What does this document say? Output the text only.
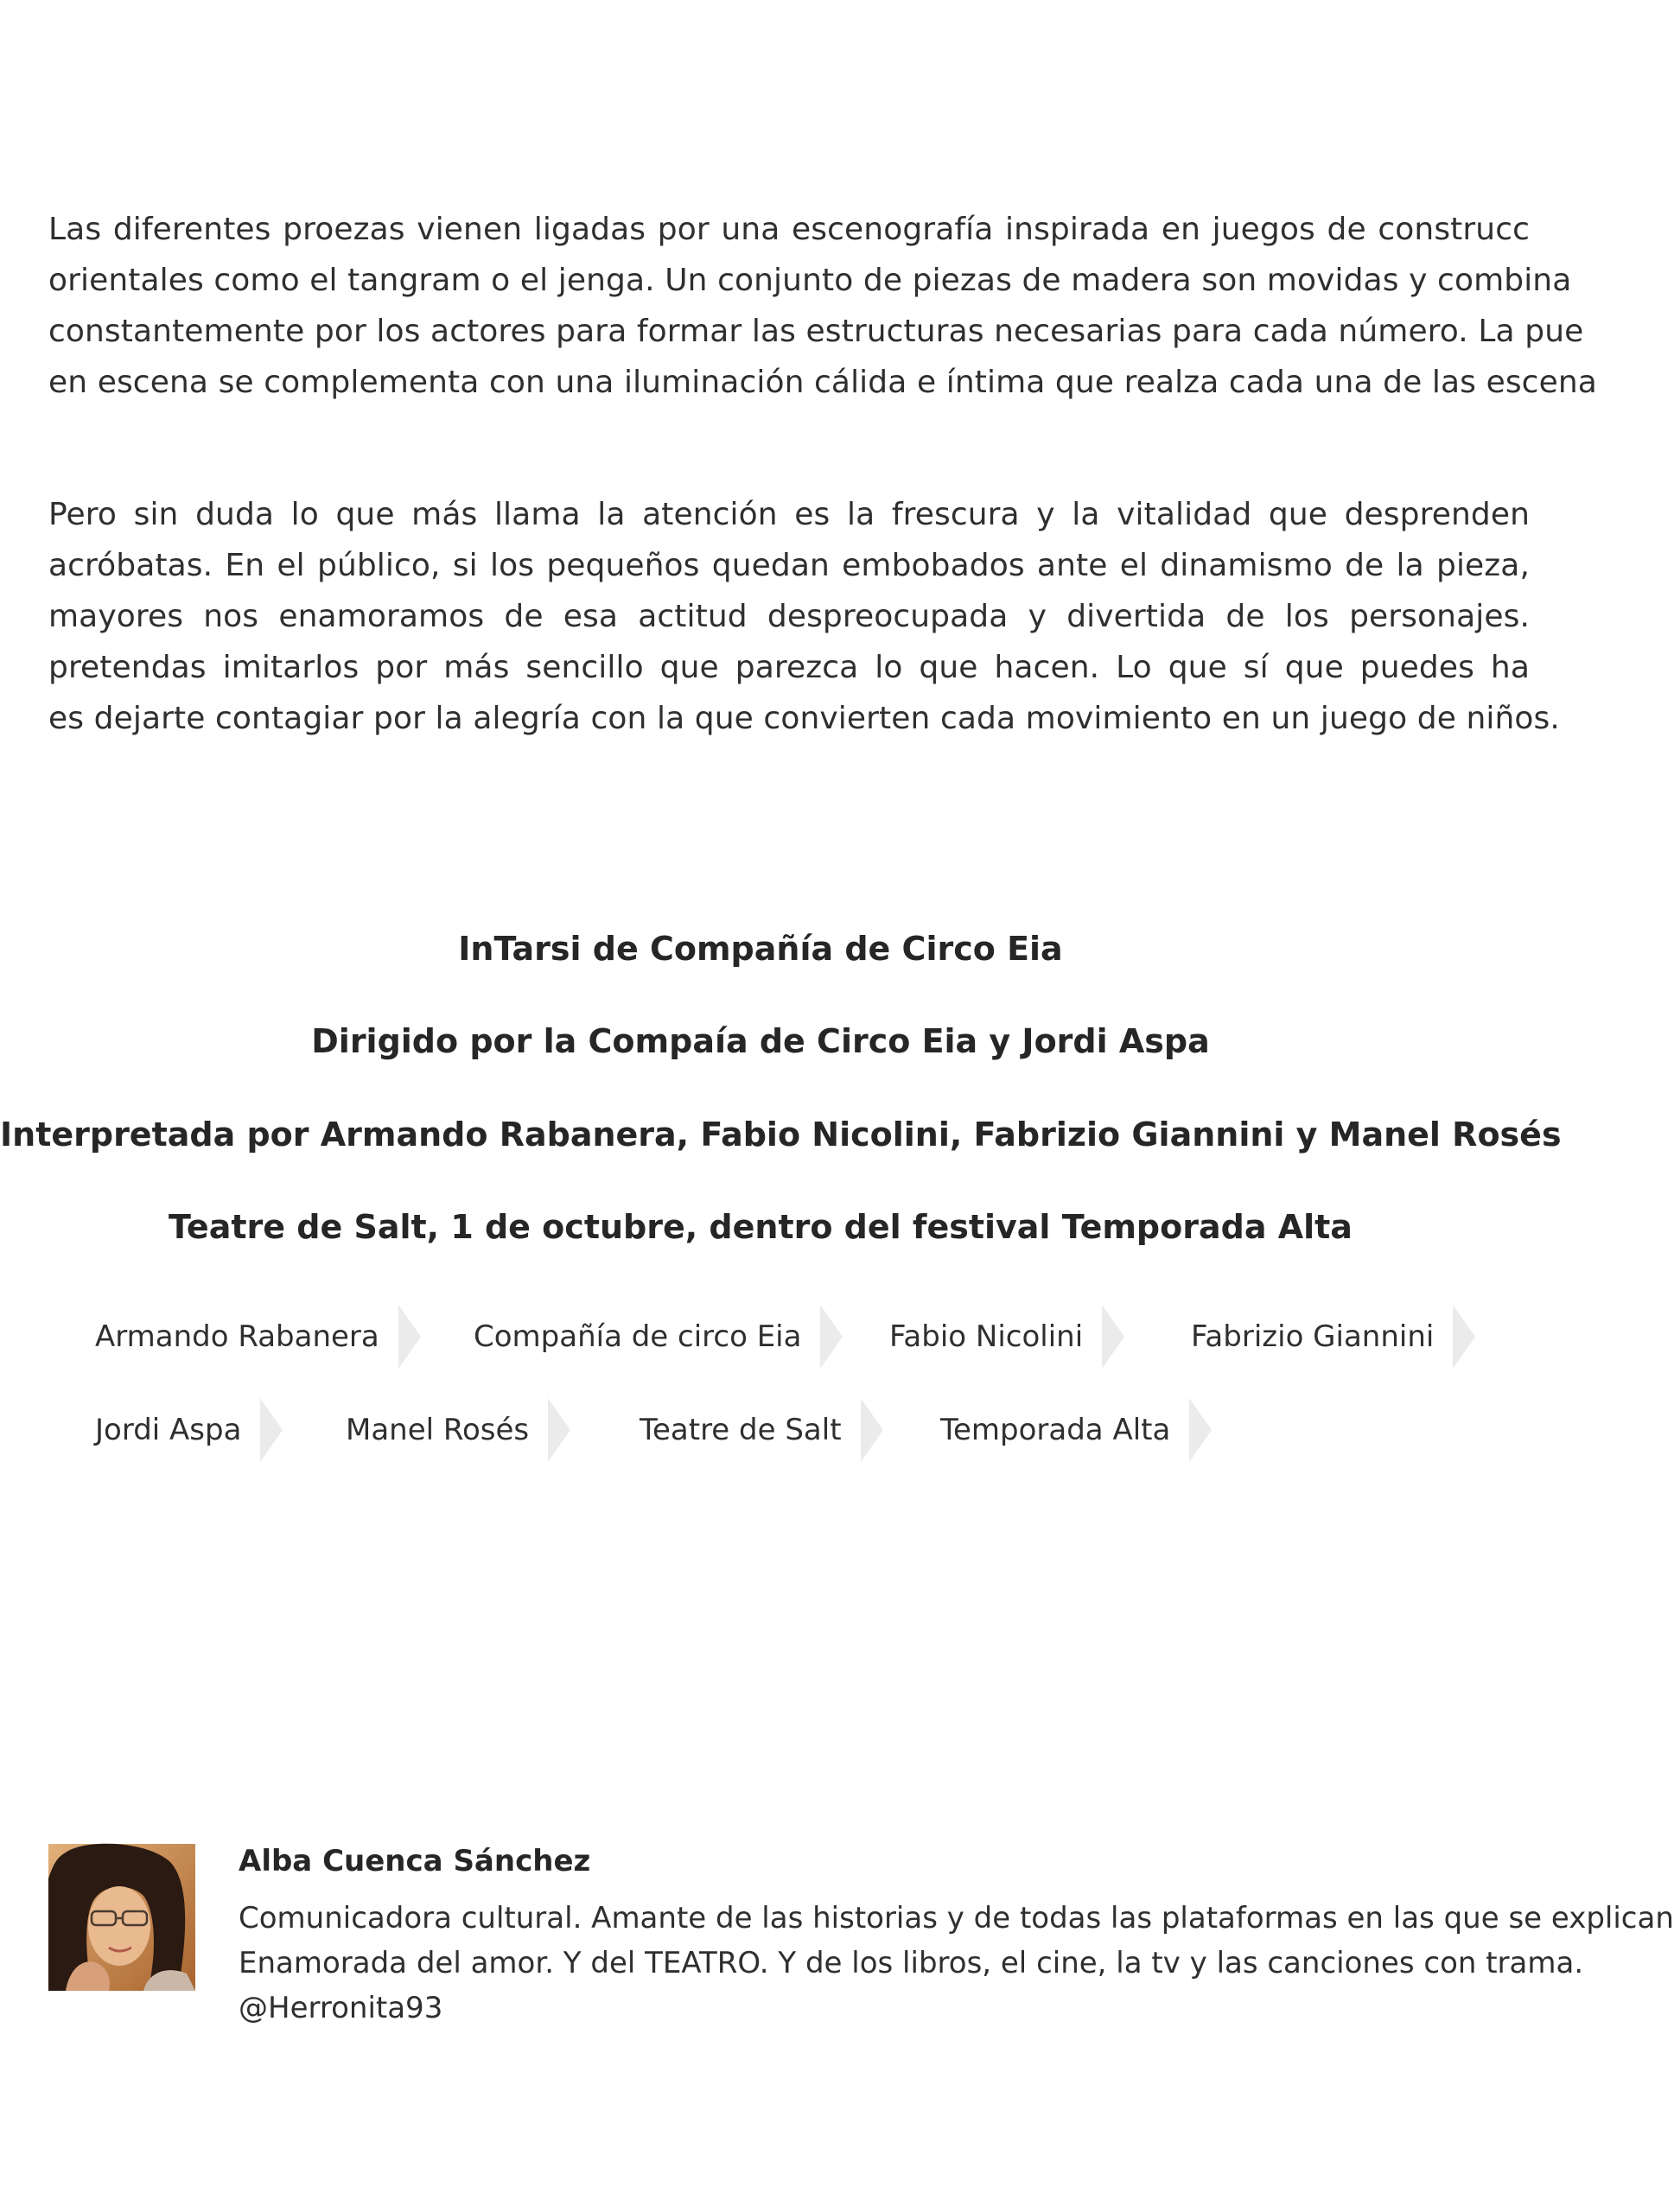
Las diferentes proezas vienen ligadas por una escenografía inspirada en juegos de construcc
orientales como el tangram o el jenga. Un conjunto de piezas de madera son movidas y combina
constantemente por los actores para formar las estructuras necesarias para cada número. La pue
en escena se complementa con una iluminación cálida e íntima que realza cada una de las escena

Pero sin duda lo que más llama la atención es la frescura y la vitalidad que desprenden
acróbatas. En el público, si los pequeños quedan embobados ante el dinamismo de la pieza,
mayores nos enamoramos de esa actitud despreocupada y divertida de los personajes.
pretendas imitarlos por más sencillo que parezca lo que hacen. Lo que sí que puedes ha
es dejarte contagiar por la alegría con la que convierten cada movimiento en un juego de niños.

InTarsi de Compañía de Circo Eia
Dirigido por la Compaía de Circo Eia y Jordi Aspa
Interpretada por Armando Rabanera, Fabio Nicolini, Fabrizio Giannini y Manel Rosés
Teatre de Salt, 1 de octubre, dentro del festival Temporada Alta
Armando Rabanera	Compañía de circo Eia	Fabio Nicolini	Fabrizio Giannini
Jordi Aspa	Manel Rosés	Teatre de Salt	Temporada Alta
Alba Cuenca Sánchez
Comunicadora cultural. Amante de las historias y de todas las plataformas en las que se explican
Enamorada del amor. Y del TEATRO. Y de los libros, el cine, la tv y las canciones con trama.
@Herronita93
